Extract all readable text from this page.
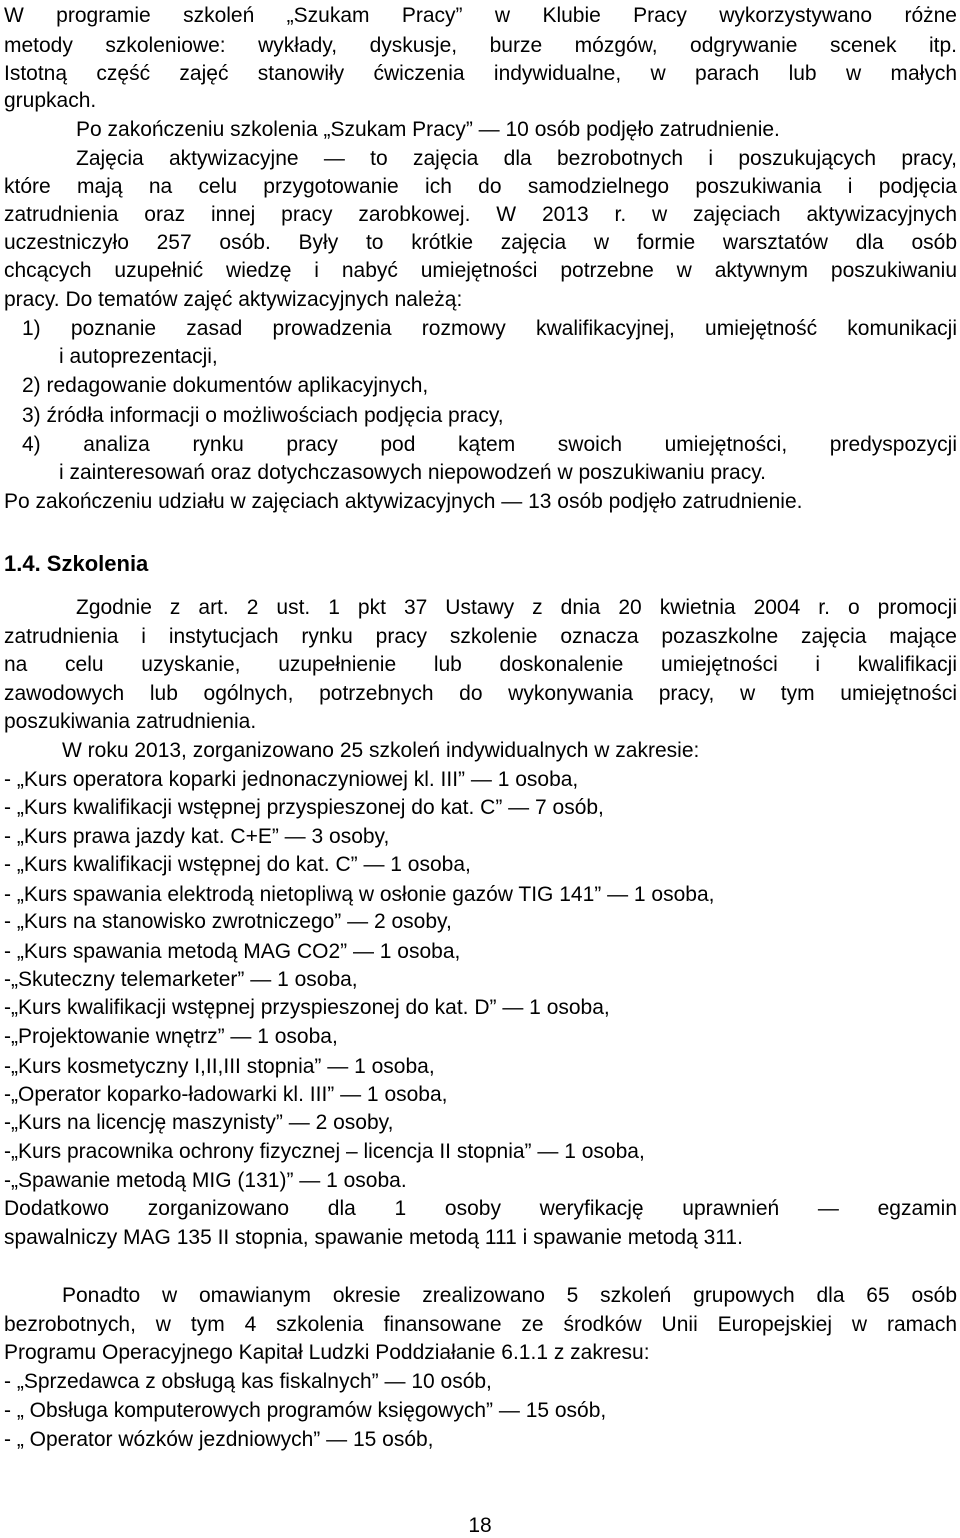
W programie szkoleń „Szukam Pracy” w Klubie Pracy wykorzystywano różne
metody szkoleniowe: wykłady, dyskusje, burze mózgów, odgrywanie scenek itp.
Istotną część zajęć stanowiły ćwiczenia indywidualne, w parach lub w małych
grupkach.
Po zakończeniu szkolenia „Szukam Pracy” — 10 osób podjęło zatrudnienie.
Zajęcia aktywizacyjne — to zajęcia dla bezrobotnych i poszukujących pracy,
które mają na celu przygotowanie ich do samodzielnego poszukiwania i podjęcia
zatrudnienia oraz innej pracy zarobkowej. W 2013 r. w zajęciach aktywizacyjnych
uczestniczyło 257 osób. Były to krótkie zajęcia w formie warsztatów dla osób
chcących uzupełnić wiedzę i nabyć umiejętności potrzebne w aktywnym poszukiwaniu
pracy. Do tematów zajęć aktywizacyjnych należą:
1) poznanie zasad prowadzenia rozmowy kwalifikacyjnej, umiejętność komunikacji
i autoprezentacji,
2) redagowanie dokumentów aplikacyjnych,
3) źródła informacji o możliwościach podjęcia pracy,
4) analiza rynku pracy pod kątem swoich umiejętności, predyspozycji
i zainteresowań oraz dotychczasowych niepowodzeń w poszukiwaniu pracy.
Po zakończeniu udziału w zajęciach aktywizacyjnych — 13 osób podjęło zatrudnienie.
1.4. Szkolenia
Zgodnie z art. 2 ust. 1 pkt 37 Ustawy z dnia 20 kwietnia 2004 r. o promocji
zatrudnienia i instytucjach rynku pracy szkolenie oznacza pozaszkolne zajęcia mające
na celu uzyskanie, uzupełnienie lub doskonalenie umiejętności i kwalifikacji
zawodowych lub ogólnych, potrzebnych do wykonywania pracy, w tym umiejętności
poszukiwania zatrudnienia.
W roku 2013, zorganizowano 25 szkoleń indywidualnych w zakresie:
- „Kurs operatora koparki jednonaczyniowej kl. III” — 1 osoba,
- „Kurs kwalifikacji wstępnej przyspieszonej do kat. C” — 7 osób,
- „Kurs prawa jazdy kat. C+E” — 3 osoby,
- „Kurs kwalifikacji wstępnej do kat. C” — 1 osoba,
- „Kurs spawania elektrodą nietopliwą w osłonie gazów TIG 141” — 1 osoba,
- „Kurs na stanowisko zwrotniczego” — 2 osoby,
- „Kurs spawania metodą MAG CO2” — 1 osoba,
-„Skuteczny telemarketer” — 1 osoba,
-„Kurs kwalifikacji wstępnej przyspieszonej do kat. D” — 1 osoba,
-„Projektowanie wnętrz” — 1 osoba,
-„Kurs kosmetyczny I,II,III stopnia” — 1 osoba,
-„Operator koparko-ładowarki kl. III” — 1 osoba,
-„Kurs na licencję maszynisty” — 2 osoby,
-„Kurs pracownika ochrony fizycznej – licencja II stopnia” — 1 osoba,
-„Spawanie metodą MIG (131)” — 1 osoba.
Dodatkowo zorganizowano dla 1 osoby weryfikację uprawnień — egzamin
spawalniczy MAG 135 II stopnia, spawanie metodą 111 i spawanie metodą 311.
Ponadto w omawianym okresie zrealizowano 5 szkoleń grupowych dla 65 osób
bezrobotnych, w tym 4 szkolenia finansowane ze środków Unii Europejskiej w ramach
Programu Operacyjnego Kapitał Ludzki Poddziałanie 6.1.1 z zakresu:
- „Sprzedawca z obsługą kas fiskalnych” — 10 osób,
- „ Obsługa komputerowych programów księgowych” — 15 osób,
- „ Operator wózków jezdniowych” — 15 osób,
18
